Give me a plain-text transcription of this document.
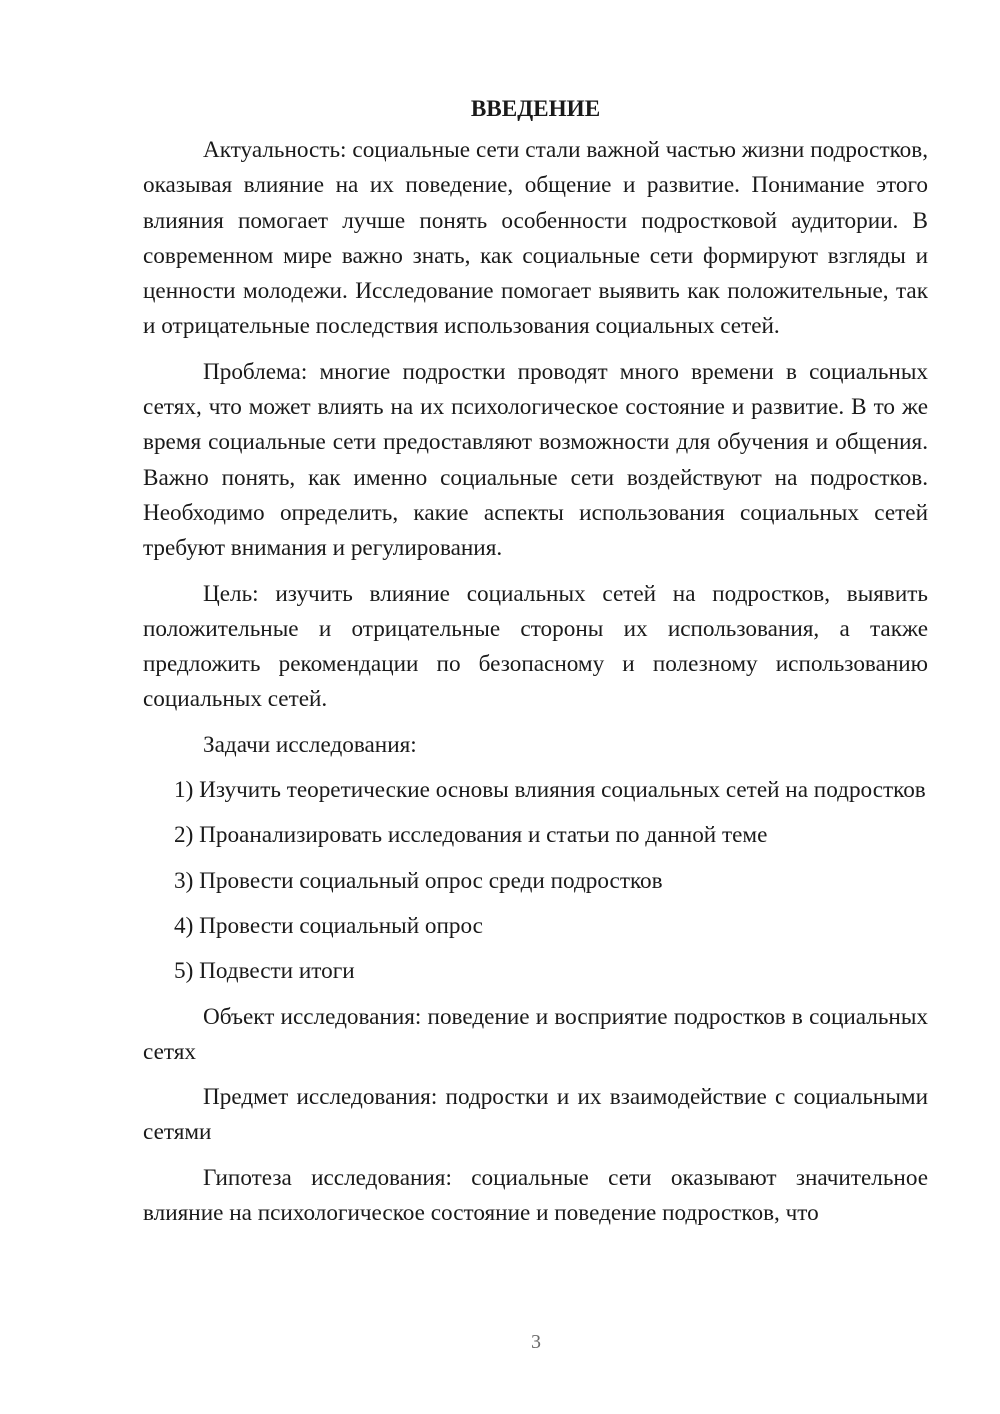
ВВЕДЕНИЕ

Актуальность: социальные сети стали важной частью жизни подростков, оказывая влияние на их поведение, общение и развитие. Понимание этого влияния помогает лучше понять особенности подростковой аудитории. В современном мире важно знать, как социальные сети формируют взгляды и ценности молодежи. Исследование помогает выявить как положительные, так и отрицательные последствия использования социальных сетей.

Проблема: многие подростки проводят много времени в социальных сетях, что может влиять на их психологическое состояние и развитие. В то же время социальные сети предоставляют возможности для обучения и общения. Важно понять, как именно социальные сети воздействуют на подростков. Необходимо определить, какие аспекты использования социальных сетей требуют внимания и регулирования.

Цель: изучить влияние социальных сетей на подростков, выявить положительные и отрицательные стороны их использования, а также предложить рекомендации по безопасному и полезному использованию социальных сетей.

Задачи исследования:

1) Изучить теоретические основы влияния социальных сетей на подростков

2) Проанализировать исследования и статьи по данной теме

3) Провести социальный опрос среди подростков

4) Провести социальный опрос

5) Подвести итоги

Объект исследования: поведение и восприятие подростков в социальных сетях

Предмет исследования: подростки и их взаимодействие с социальными сетями

Гипотеза исследования: социальные сети оказывают значительное влияние на психологическое состояние и поведение подростков, что

3
